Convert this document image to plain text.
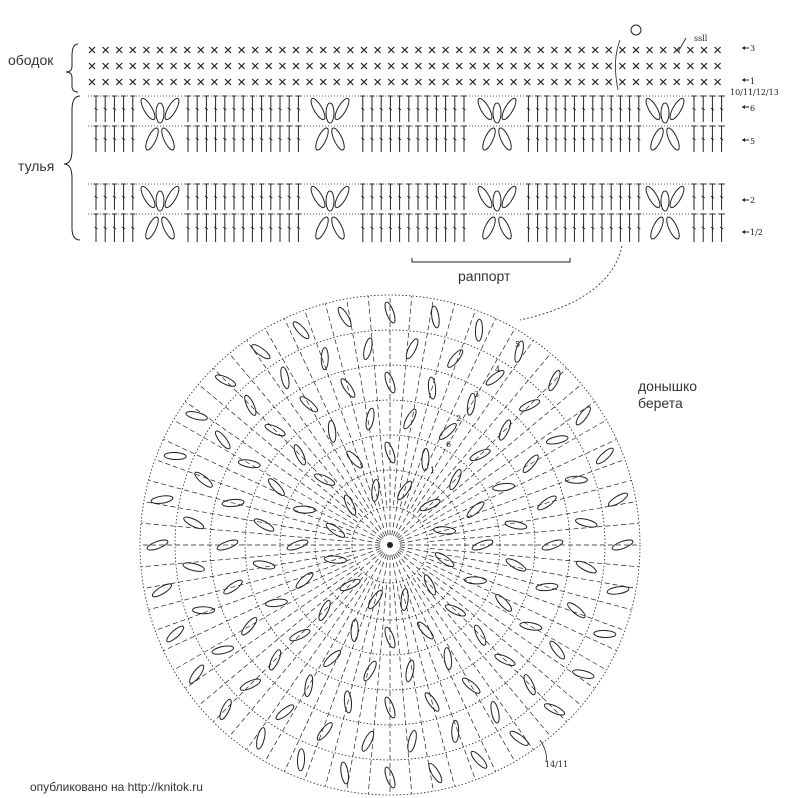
ободок
тулья
раппорт
донышко
берета
опубликовано на http://knitok.ru
ssll
10/11/12/13
14/11
3
1
6
5
2
1/2
5
4
3
2
6
1
